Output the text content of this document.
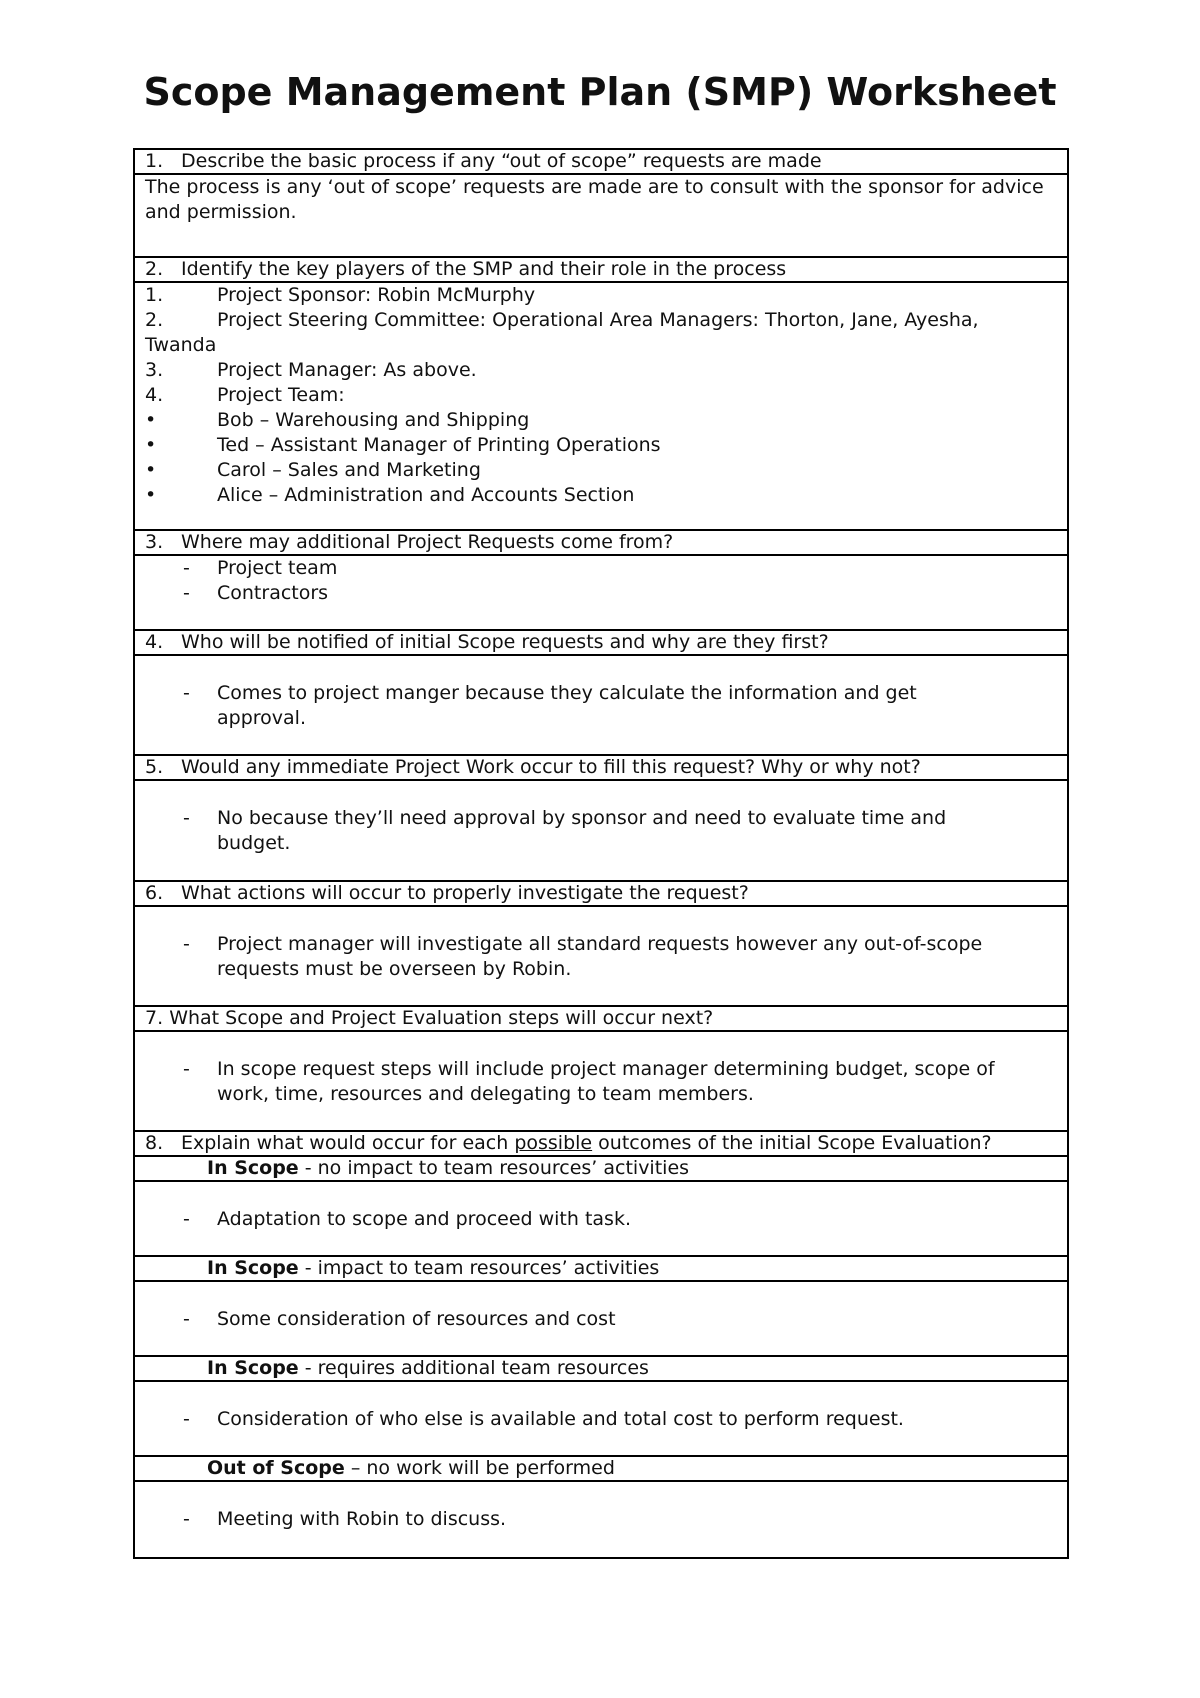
Scope Management Plan (SMP) Worksheet
1. Describe the basic process if any “out of scope” requests are made
The process is any ‘out of scope’ requests are made are to consult with the sponsor for advice and permission.
2. Identify the key players of the SMP and their role in the process
1.	Project Sponsor: Robin McMurphy
2.	Project Steering Committee: Operational Area Managers: Thorton, Jane, Ayesha,
Twanda
3.	Project Manager: As above.
4.	Project Team:
•	Bob – Warehousing and Shipping
•	Ted – Assistant Manager of Printing Operations
•	Carol – Sales and Marketing
•	Alice – Administration and Accounts Section
3. Where may additional Project Requests come from?
-	Project team
-	Contractors
4. Who will be notified of initial Scope requests and why are they first?
-	Comes to project manger because they calculate the information and get
approval.
5. Would any immediate Project Work occur to fill this request? Why or why not?
-	No because they’ll need approval by sponsor and need to evaluate time and
budget.
6. What actions will occur to properly investigate the request?
-	Project manager will investigate all standard requests however any out-of-scope
requests must be overseen by Robin.
7. What Scope and Project Evaluation steps will occur next?
-	In scope request steps will include project manager determining budget, scope of
work, time, resources and delegating to team members.
8. Explain what would occur for each possible outcomes of the initial Scope Evaluation?
In Scope - no impact to team resources’ activities
-	Adaptation to scope and proceed with task.
In Scope - impact to team resources’ activities
-	Some consideration of resources and cost
In Scope - requires additional team resources
-	Consideration of who else is available and total cost to perform request.
Out of Scope – no work will be performed
-	Meeting with Robin to discuss.
